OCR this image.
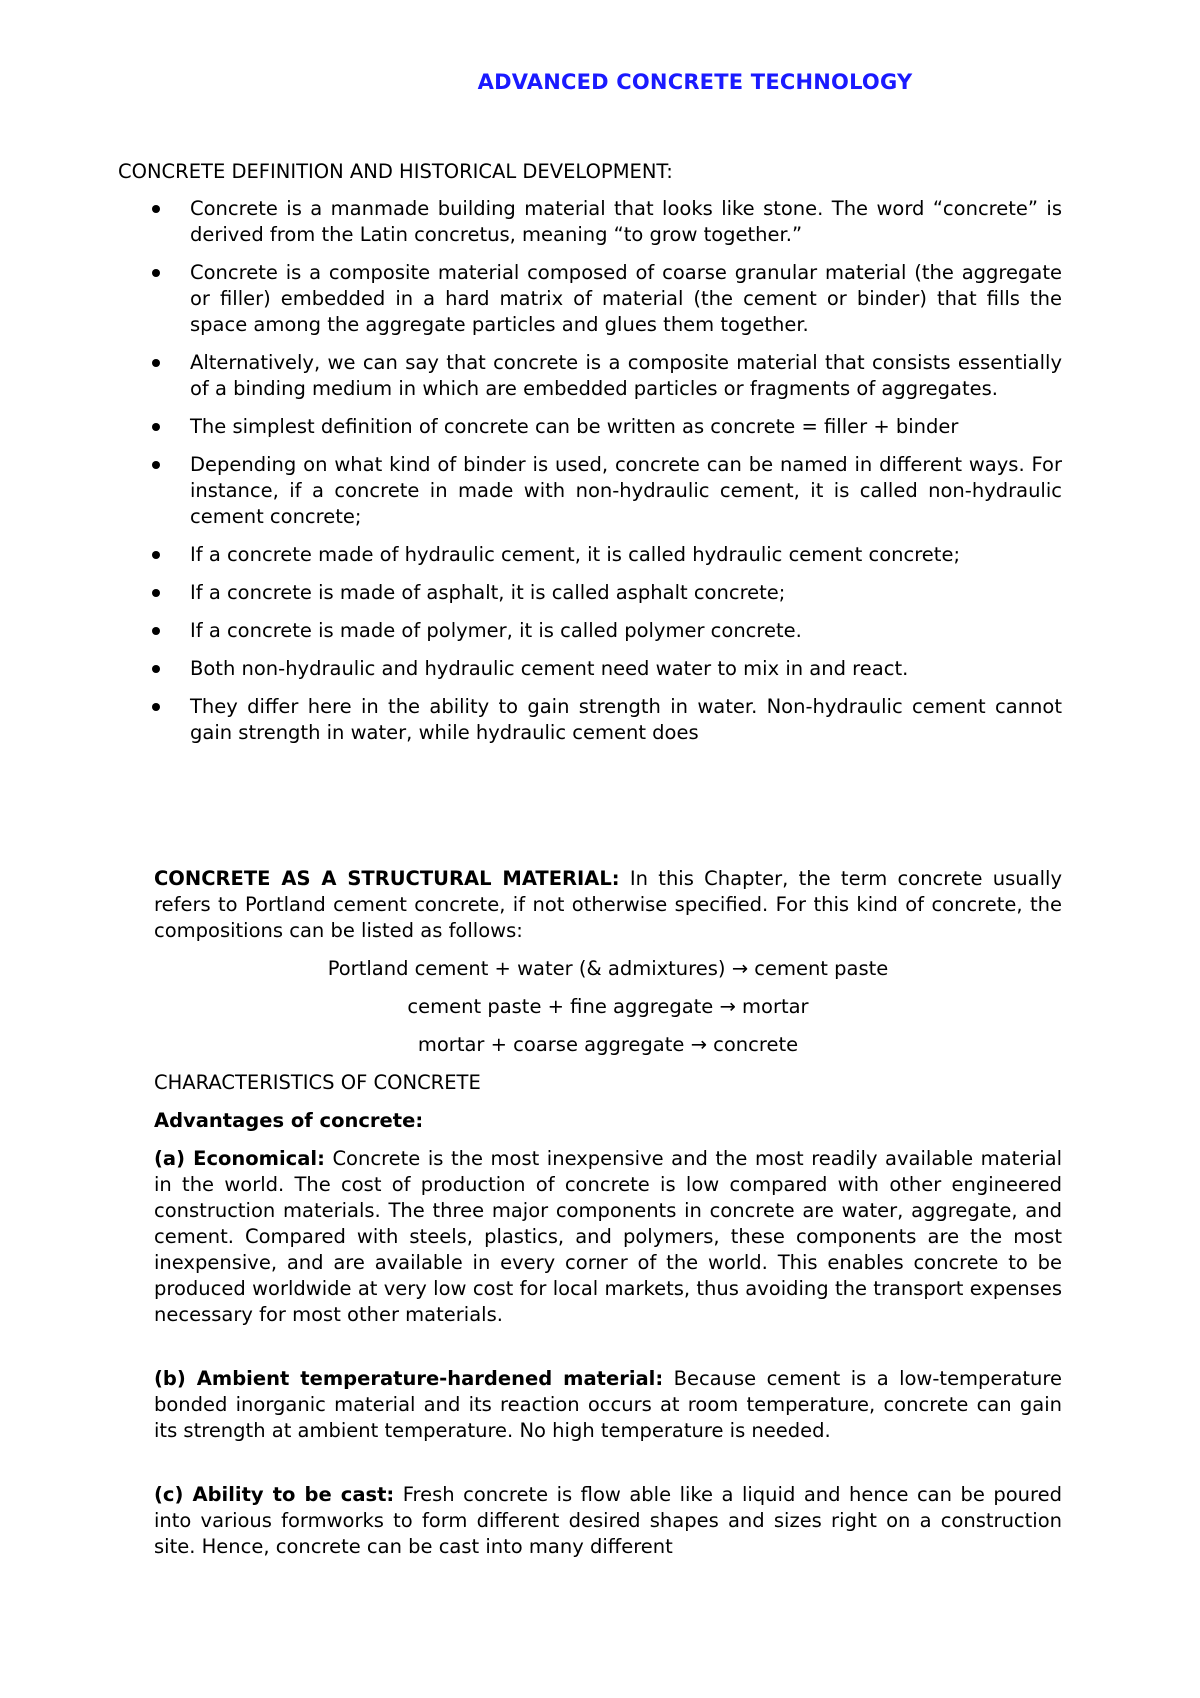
ADVANCED CONCRETE TECHNOLOGY
CONCRETE DEFINITION AND HISTORICAL DEVELOPMENT:
Concrete is a manmade building material that looks like stone. The word “concrete” is derived from the Latin concretus, meaning “to grow together.”
Concrete is a composite material composed of coarse granular material (the aggregate or filler) embedded in a hard matrix of material (the cement or binder) that fills the space among the aggregate particles and glues them together.
Alternatively, we can say that concrete is a composite material that consists essentially of a binding medium in which are embedded particles or fragments of aggregates.
The simplest definition of concrete can be written as concrete = filler + binder
Depending on what kind of binder is used, concrete can be named in different ways. For instance, if a concrete in made with non-hydraulic cement, it is called non-hydraulic cement concrete;
If a concrete made of hydraulic cement, it is called hydraulic cement concrete;
If a concrete is made of asphalt, it is called asphalt concrete;
If a concrete is made of polymer, it is called polymer concrete.
Both non-hydraulic and hydraulic cement need water to mix in and react.
They differ here in the ability to gain strength in water. Non-hydraulic cement cannot gain strength in water, while hydraulic cement does
CONCRETE AS A STRUCTURAL MATERIAL: In this Chapter, the term concrete usually refers to Portland cement concrete, if not otherwise specified. For this kind of concrete, the compositions can be listed as follows:
Portland cement + water (& admixtures) → cement paste
cement paste + fine aggregate → mortar
mortar + coarse aggregate → concrete
CHARACTERISTICS OF CONCRETE
Advantages of concrete:
(a) Economical: Concrete is the most inexpensive and the most readily available material in the world. The cost of production of concrete is low compared with other engineered construction materials. The three major components in concrete are water, aggregate, and cement. Compared with steels, plastics, and polymers, these components are the most inexpensive, and are available in every corner of the world. This enables concrete to be produced worldwide at very low cost for local markets, thus avoiding the transport expenses necessary for most other materials.
(b) Ambient temperature-hardened material: Because cement is a low-temperature bonded inorganic material and its reaction occurs at room temperature, concrete can gain its strength at ambient temperature. No high temperature is needed.
(c) Ability to be cast: Fresh concrete is flow able like a liquid and hence can be poured into various formworks to form different desired shapes and sizes right on a construction site. Hence, concrete can be cast into many different
